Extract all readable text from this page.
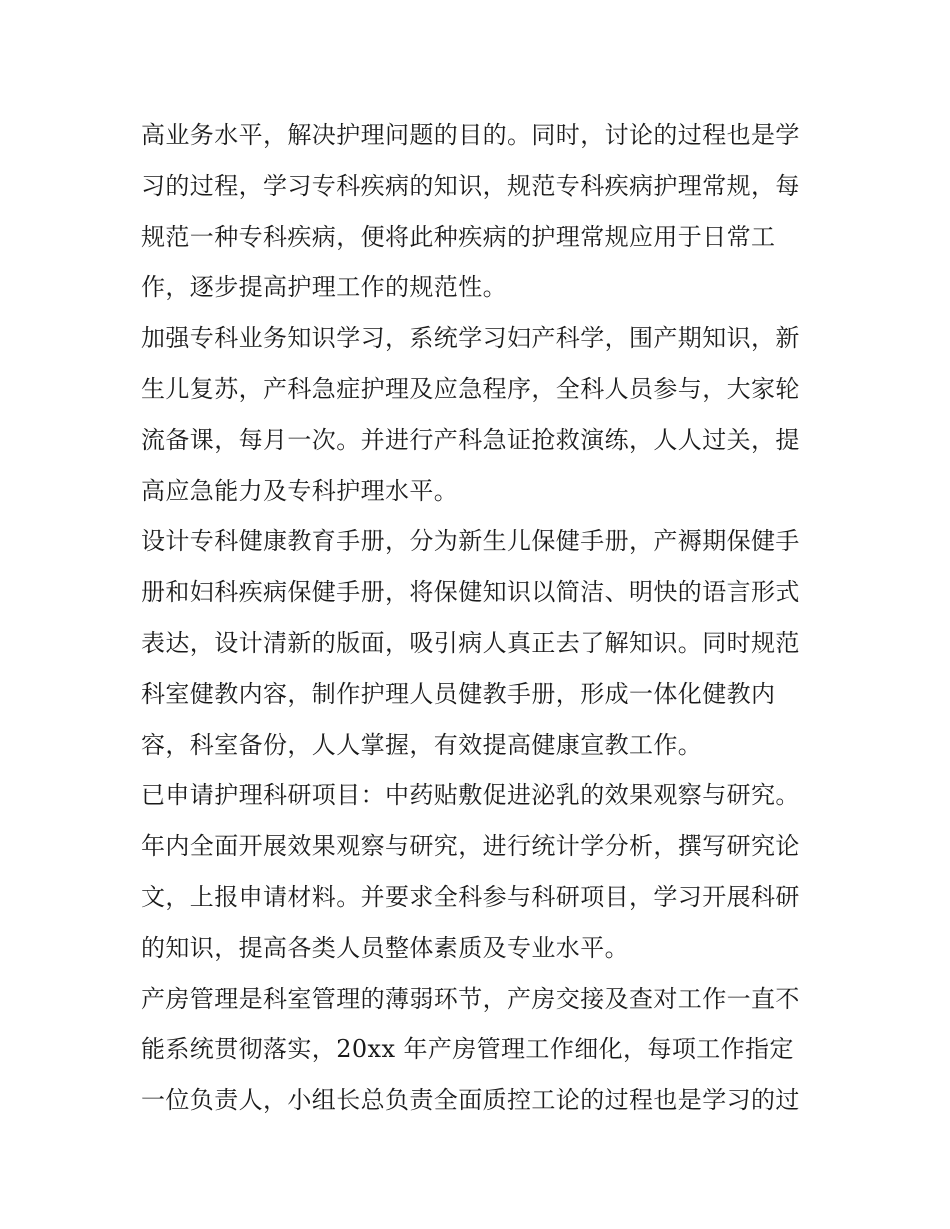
高业务水平，解决护理问题的目的。同时，讨论的过程也是学
习的过程，学习专科疾病的知识，规范专科疾病护理常规，每
规范一种专科疾病，便将此种疾病的护理常规应用于日常工
作，逐步提高护理工作的规范性。
加强专科业务知识学习，系统学习妇产科学，围产期知识，新
生儿复苏，产科急症护理及应急程序，全科人员参与，大家轮
流备课，每月一次。并进行产科急证抢救演练，人人过关，提
高应急能力及专科护理水平。
设计专科健康教育手册，分为新生儿保健手册，产褥期保健手
册和妇科疾病保健手册，将保健知识以简洁、明快的语言形式
表达，设计清新的版面，吸引病人真正去了解知识。同时规范
科室健教内容，制作护理人员健教手册，形成一体化健教内
容，科室备份，人人掌握，有效提高健康宣教工作。
已申请护理科研项目：中药贴敷促进泌乳的效果观察与研究。
年内全面开展效果观察与研究，进行统计学分析，撰写研究论
文，上报申请材料。并要求全科参与科研项目，学习开展科研
的知识，提高各类人员整体素质及专业水平。
产房管理是科室管理的薄弱环节，产房交接及查对工作一直不
能系统贯彻落实，20xx 年产房管理工作细化，每项工作指定
一位负责人，小组长总负责全面质控工论的过程也是学习的过
